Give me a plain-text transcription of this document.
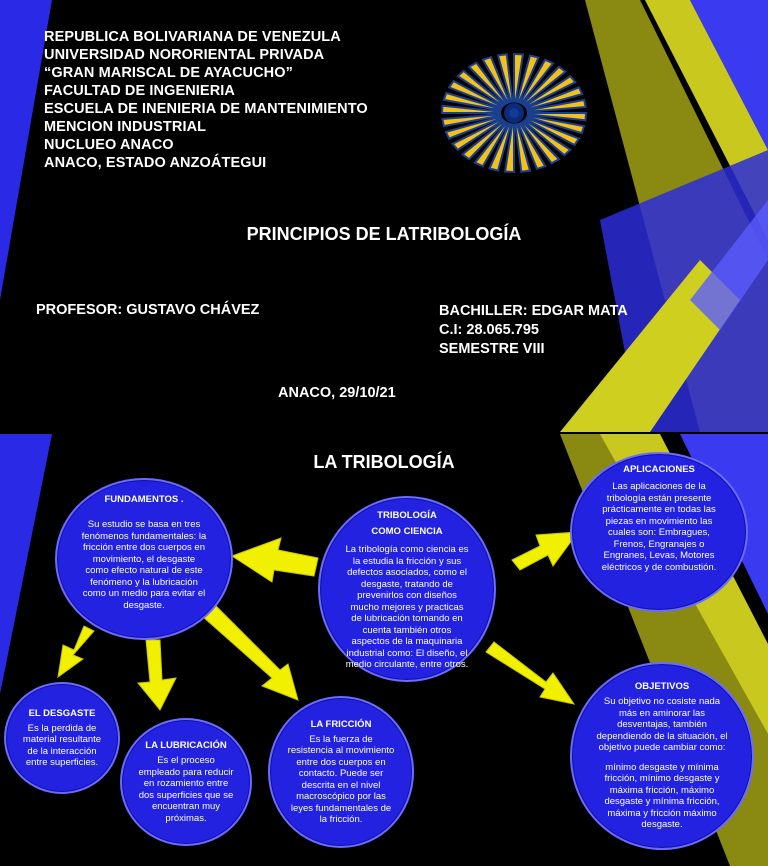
REPUBLICA BOLIVARIANA DE VENEZULA
UNIVERSIDAD NORORIENTAL PRIVADA
“GRAN MARISCAL DE AYACUCHO”
FACULTAD DE INGENIERIA
ESCUELA DE INENIERIA DE MANTENIMIENTO
MENCION INDUSTRIAL
NUCLUEO ANACO
ANACO, ESTADO ANZOÁTEGUI
PRINCIPIOS DE LATRIBOLOGÍA
PROFESOR: GUSTAVO CHÁVEZ	BACHILLER: EDGAR MATA
C.I: 28.065.795
SEMESTRE VIII
ANACO, 29/10/21
LA TRIBOLOGÍA
FUNDAMENTOS .
Su estudio se basa en tres fenómenos fundamentales: la fricción entre dos cuerpos en movimiento, el desgaste como efecto natural de este fenómeno y la lubricación como un medio para evitar el desgaste.
TRIBOLOGÍA COMO CIENCIA
La tribología como ciencia es la estudia la fricción y sus defectos asociados, como el desgaste, tratando de prevenirlos con diseños mucho mejores y practicas de lubricación tomando en cuenta también otros aspectos de la maquinaria industrial como: El diseño, el medio circulante, entre otros.
APLICACIONES
Las aplicaciones de la tribología están presente prácticamente en todas las piezas en movimiento las cuales son: Embragues, Frenos, Engranajes o Engranes, Levas, Motores eléctricos y de combustión.
EL DESGASTE
Es la perdida de material resultante de la interacción entre superficies.
LA LUBRICACIÓN
Es el proceso empleado para reducir en rozamiento entre dos superficies que se encuentran muy próximas.
LA FRICCIÓN
Es la fuerza de resistencia al movimiento entre dos cuerpos en contacto. Puede ser descrita en el nivel macroscópico por las leyes fundamentales de la fricción.
OBJETIVOS
Su objetivo no cosiste nada más en aminorar las desventajas, también dependiendo de la situación, el objetivo puede cambiar como:
mínimo desgaste y mínima fricción, mínimo desgaste y máxima fricción, máximo desgaste y mínima fricción, máxima y fricción máximo desgaste.
